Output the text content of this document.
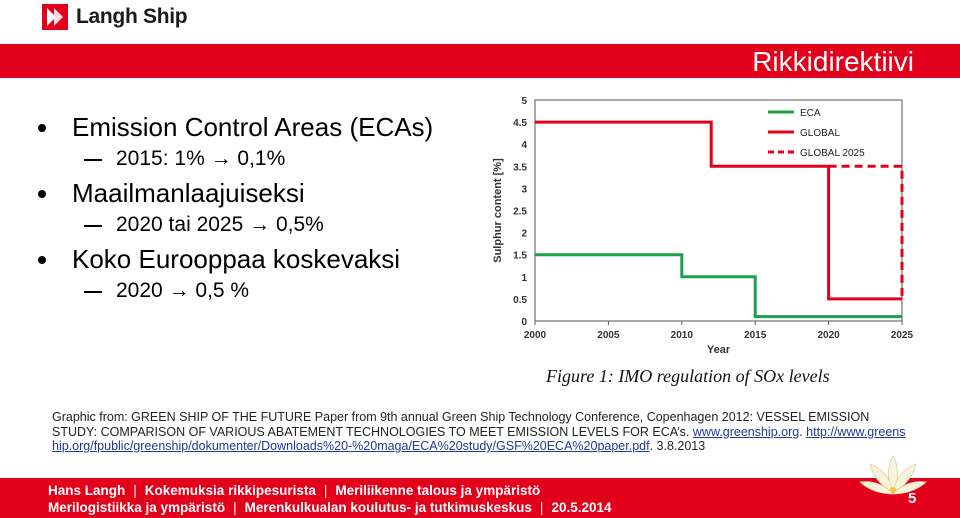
Langh Ship
Rikkidirektiivi
Emission Control Areas (ECAs)
2015: 1% → 0,1%
Maailmanlaajuiseksi
2020 tai 2025 → 0,5%
Koko Eurooppaa koskevaksi
2020 → 0,5 %
0
0.5
1
1.5
2
2.5
3
3.5
4
4.5
5
2000	2005	2010	2015	2020	2025
Year
Sulphur content [%]
ECA
GLOBAL
GLOBAL 2025
Figure 1: IMO regulation of SOx levels
Graphic from: GREEN SHIP OF THE FUTURE Paper from 9th annual Green Ship Technology Conference, Copenhagen 2012: VESSEL EMISSION STUDY: COMPARISON OF VARIOUS ABATEMENT TECHNOLOGIES TO MEET EMISSION LEVELS FOR ECA’s. www.greenship.org. http://www.greenship.org/fpublic/greenship/dokumenter/Downloads%20-%20maga/ECA%20study/GSF%20ECA%20paper.pdf. 3.8.2013
Hans Langh | Kokemuksia rikkipesurista | Meriliikenne talous ja ympäristö
Merilogistiikka ja ympäristö | Merenkulkualan koulutus- ja tutkimuskeskus | 20.5.2014
5
